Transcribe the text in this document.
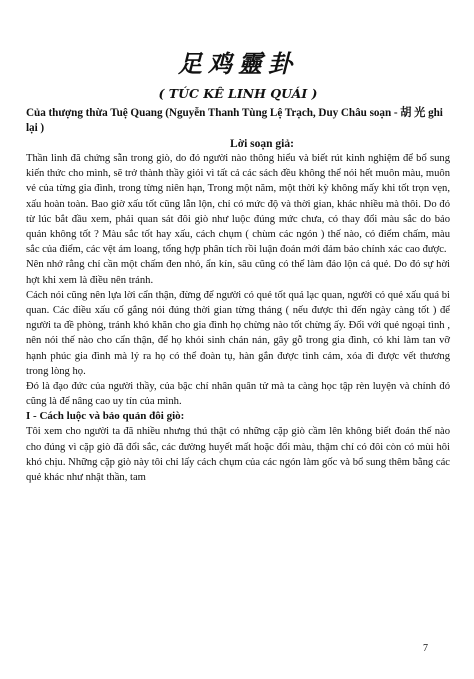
足鸡靈卦
( TÚC KÊ LINH QUÁI )

Của thượng thừa Tuệ Quang (Nguyễn Thanh Tùng Lệ Trạch, Duy Châu soạn - 胡 光 ghi lại )

Lời soạn giả:

Thần linh đã chứng sẵn trong giò, do đó người nào thông hiểu và biết rút kinh nghiệm để bổ sung kiến thức cho mình, sẽ trở thành thầy giỏi vì tất cả các sách đều không thể nói hết muôn màu, muôn vẻ của từng gia đình, trong từng niên hạn, Trong một năm, một thời kỳ không mấy khi tốt trọn vẹn, xấu hoàn toàn. Bao giờ xấu tốt cũng lẫn lộn, chỉ có mức độ và thời gian, khác nhiều mà thôi. Do đó từ lúc bắt đầu xem, phải quan sát đôi giò như luộc đúng mức chưa, có thay đổi màu sắc do bảo quản không tốt ? Màu sắc tốt hay xấu, cách chụm ( chùm các ngón ) thế nào, có điểm chấm, màu sắc của điểm, các vệt ám loang, tổng hợp phân tích rồi luận đoán mới đảm bảo chính xác cao được.

Nên nhớ rằng chỉ cần một chấm đen nhỏ, ẩn kín, sâu cũng có thể làm đảo lộn cả quẻ. Do đó sự hời hợt khi xem là điều nên tránh.

Cách nói cũng nên lựa lời cẩn thận, đừng để người có quẻ tốt quá lạc quan, người có quẻ xấu quá bi quan. Các điều xấu cố gắng nói đúng thời gian từng tháng ( nếu được thì đến ngày càng tốt ) để người ta đề phòng, tránh khó khăn cho gia đình họ chừng nào tốt chừng ấy. Đối với quẻ ngoại tình , nên nói thế nào cho cẩn thận, để họ khỏi sinh chán nản, gây gỗ trong gia đình, có khi làm tan vỡ hạnh phúc gia đình mà lý ra họ có thể đoàn tụ, hàn gắn được tình cảm, xóa đi được vết thương trong lòng họ.

Đó là đạo đức của người thầy, của bậc chí nhân quân tử mà ta càng học tập rèn luyện và chính đó cũng là để nâng cao uy tín của mình.

I - Cách luộc và bảo quản đôi giò:

Tôi xem cho người ta đã nhiều nhưng thú thật có những cặp giò cầm lên không biết đoán thế nào cho đúng vì cặp giò đã đổi sắc, các đường huyết mất hoặc đổi màu, thậm chí có đôi còn có mùi hôi khó chịu. Những cặp giò này tôi chỉ lấy cách chụm của các ngón làm gốc và bổ sung thêm bằng các quẻ khác như nhật thần, tam

7
